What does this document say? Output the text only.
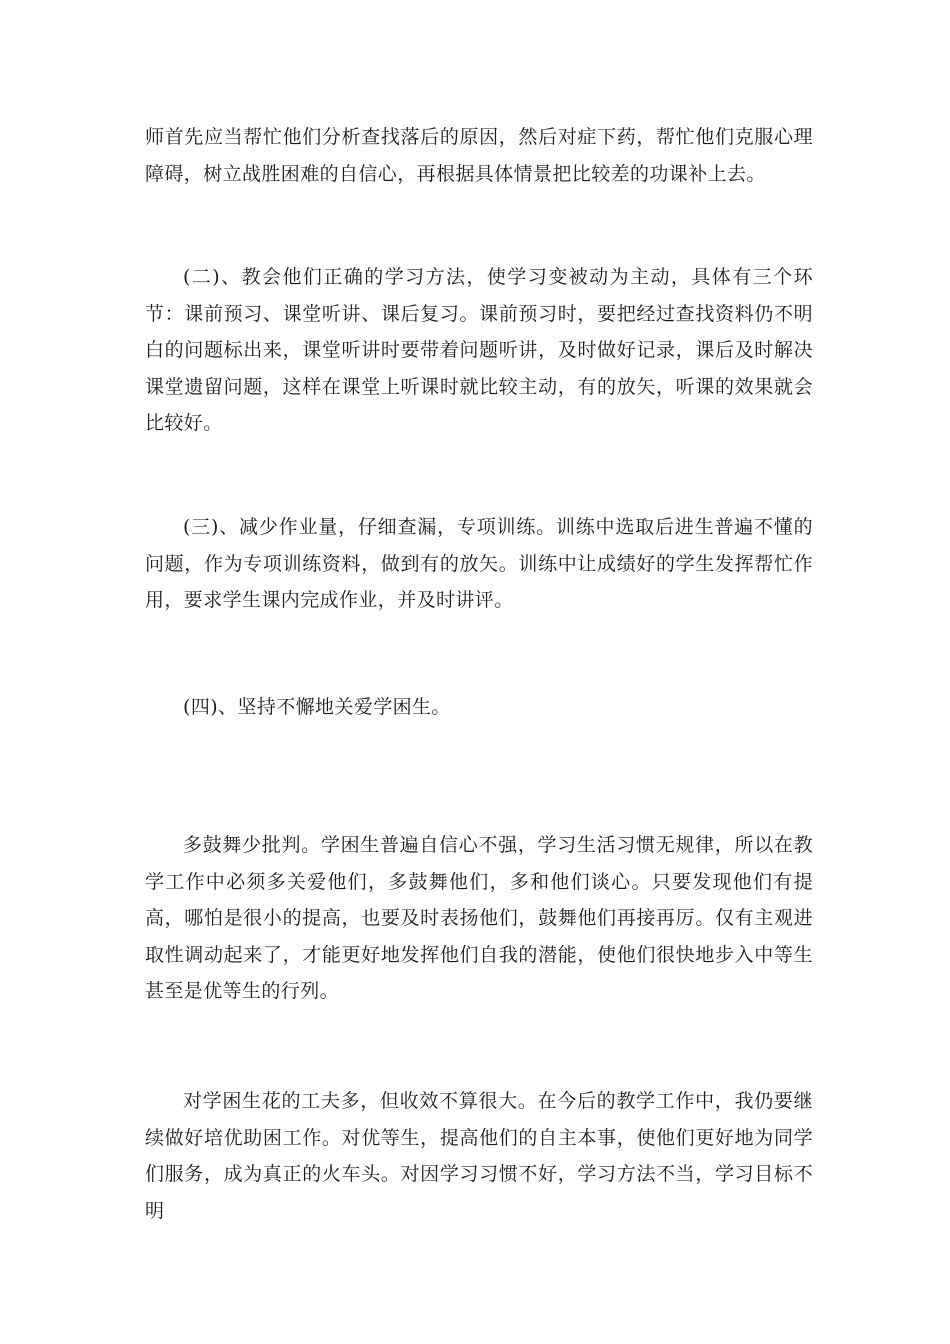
师首先应当帮忙他们分析查找落后的原因，然后对症下药，帮忙他们克服心理障碍，树立战胜困难的自信心，再根据具体情景把比较差的功课补上去。

(二)、教会他们正确的学习方法，使学习变被动为主动，具体有三个环节：课前预习、课堂听讲、课后复习。课前预习时，要把经过查找资料仍不明白的问题标出来，课堂听讲时要带着问题听讲，及时做好记录，课后及时解决课堂遗留问题，这样在课堂上听课时就比较主动，有的放矢，听课的效果就会比较好。

(三)、减少作业量，仔细查漏，专项训练。训练中选取后进生普遍不懂的问题，作为专项训练资料，做到有的放矢。训练中让成绩好的学生发挥帮忙作用，要求学生课内完成作业，并及时讲评。

(四)、坚持不懈地关爱学困生。

多鼓舞少批判。学困生普遍自信心不强，学习生活习惯无规律，所以在教学工作中必须多关爱他们，多鼓舞他们，多和他们谈心。只要发现他们有提高，哪怕是很小的提高，也要及时表扬他们，鼓舞他们再接再厉。仅有主观进取性调动起来了，才能更好地发挥他们自我的潜能，使他们很快地步入中等生甚至是优等生的行列。

对学困生花的工夫多，但收效不算很大。在今后的教学工作中，我仍要继续做好培优助困工作。对优等生，提高他们的自主本事，使他们更好地为同学们服务，成为真正的火车头。对因学习习惯不好，学习方法不当，学习目标不明
